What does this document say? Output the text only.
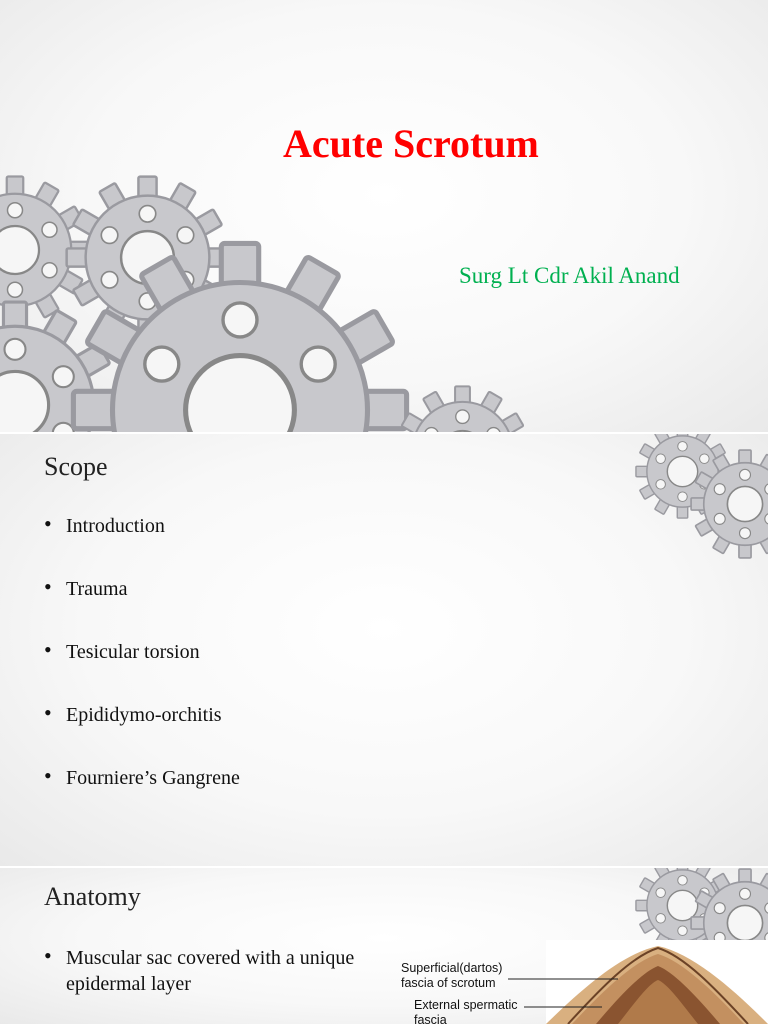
Acute Scrotum
Surg Lt Cdr Akil Anand
Scope
• Introduction
• Trauma
• Tesicular torsion
• Epididymo-orchitis
• Fourniere’s Gangrene
Anatomy
• Muscular sac covered with a unique epidermal layer
Superficial(dartos)
fascia of scrotum
External spermatic
fascia
